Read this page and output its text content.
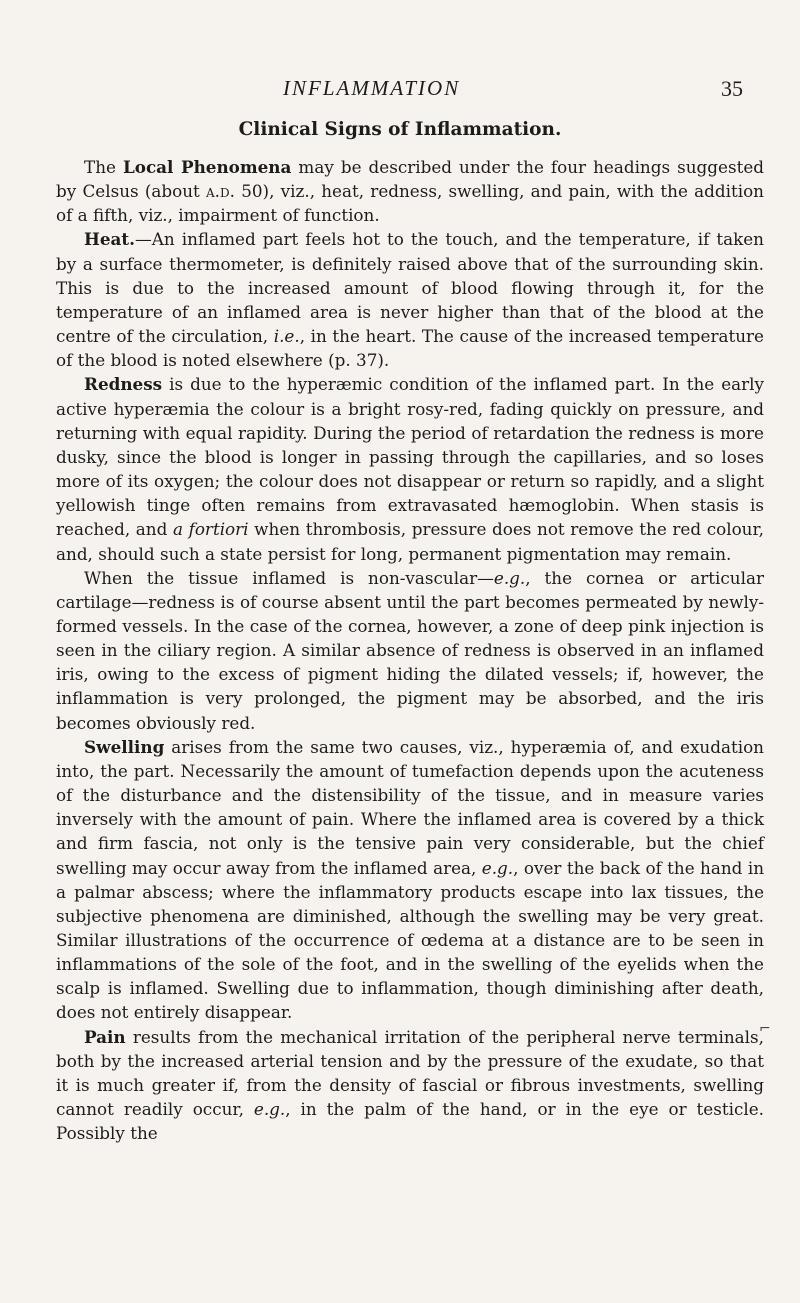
INFLAMMATION	35
Clinical Signs of Inflammation.

The Local Phenomena may be described under the four headings suggested by Celsus (about a.d. 50), viz., heat, redness, swelling, and pain, with the addition of a fifth, viz., impairment of function.

Heat.—An inflamed part feels hot to the touch, and the temperature, if taken by a surface thermometer, is definitely raised above that of the surrounding skin. This is due to the increased amount of blood flowing through it, for the temperature of an inflamed area is never higher than that of the blood at the centre of the circulation, i.e., in the heart. The cause of the increased temperature of the blood is noted elsewhere (p. 37).

Redness is due to the hyperæmic condition of the inflamed part. In the early active hyperæmia the colour is a bright rosy-red, fading quickly on pressure, and returning with equal rapidity. During the period of retardation the redness is more dusky, since the blood is longer in passing through the capillaries, and so loses more of its oxygen; the colour does not disappear or return so rapidly, and a slight yellowish tinge often remains from extravasated hæmoglobin. When stasis is reached, and a fortiori when thrombosis, pressure does not remove the red colour, and, should such a state persist for long, permanent pigmentation may remain.

When the tissue inflamed is non-vascular—e.g., the cornea or articular cartilage—redness is of course absent until the part becomes permeated by newly-formed vessels. In the case of the cornea, however, a zone of deep pink injection is seen in the ciliary region. A similar absence of redness is observed in an inflamed iris, owing to the excess of pigment hiding the dilated vessels; if, however, the inflammation is very prolonged, the pigment may be absorbed, and the iris becomes obviously red.

Swelling arises from the same two causes, viz., hyperæmia of, and exudation into, the part. Necessarily the amount of tumefaction depends upon the acuteness of the disturbance and the distensibility of the tissue, and in measure varies inversely with the amount of pain. Where the inflamed area is covered by a thick and firm fascia, not only is the tensive pain very considerable, but the chief swelling may occur away from the inflamed area, e.g., over the back of the hand in a palmar abscess; where the inflammatory products escape into lax tissues, the subjective phenomena are diminished, although the swelling may be very great. Similar illustrations of the occurrence of œdema at a distance are to be seen in inflammations of the sole of the foot, and in the swelling of the eyelids when the scalp is inflamed. Swelling due to inflammation, though diminishing after death, does not entirely disappear.

Pain results from the mechanical irritation of the peripheral nerve terminals, both by the increased arterial tension and by the pressure of the exudate, so that it is much greater if, from the density of fascial or fibrous investments, swelling cannot readily occur, e.g., in the palm of the hand, or in the eye or testicle. Possibly the

⌐
